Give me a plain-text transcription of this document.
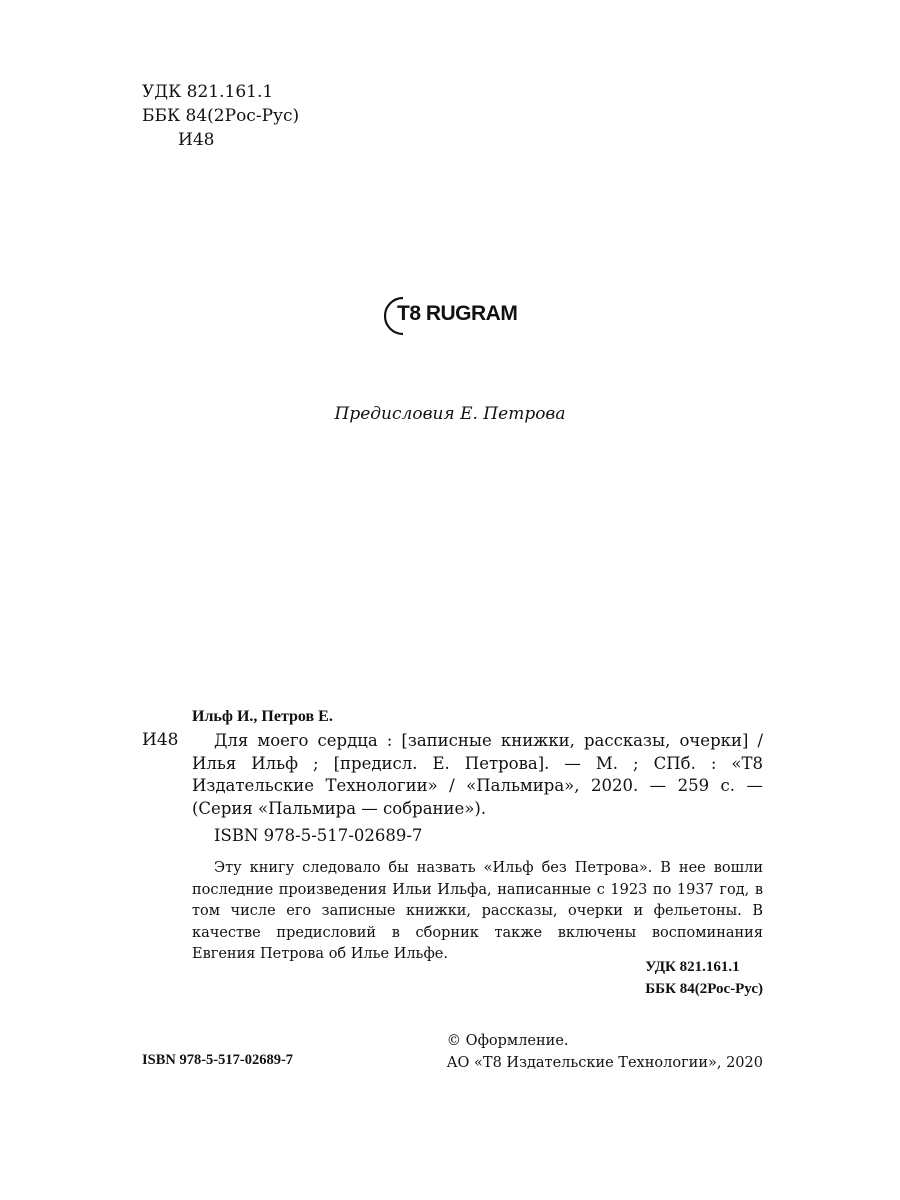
УДК 821.161.1
ББК 84(2Рос-Рус)
И48
T8 RUGRAM
Предисловия Е. Петрова
Ильф И., Петров Е.
И48	Для моего сердца : [записные книжки, рассказы, очерки] / Илья Ильф ; [предисл. Е. Петрова]. — М. ; СПб. : «Т8 Издательские Технологии» / «Пальмира», 2020. — 259 с. — (Серия «Пальмира — собрание»).
ISBN 978-5-517-02689-7
Эту книгу следовало бы назвать «Ильф без Петрова». В нее вошли последние произведения Ильи Ильфа, написанные с 1923 по 1937 год, в том числе его записные книжки, рассказы, очерки и фельетоны. В качестве предисловий в сборник также включены воспоминания Евгения Петрова об Илье Ильфе.
УДК 821.161.1
ББК 84(2Рос-Рус)
ISBN 978-5-517-02689-7
© Оформление.
АО «Т8 Издательские Технологии», 2020
